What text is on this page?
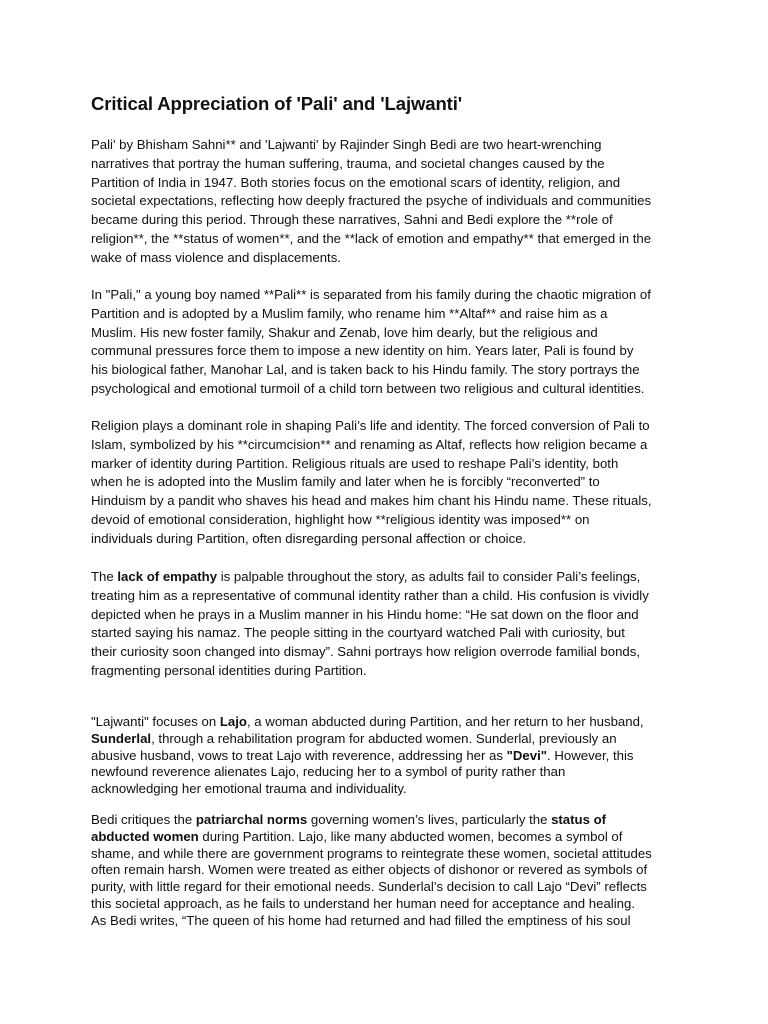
Critical Appreciation of 'Pali' and 'Lajwanti'
Pali' by Bhisham Sahni** and 'Lajwanti' by Rajinder Singh Bedi are two heart-wrenching
narratives that portray the human suffering, trauma, and societal changes caused by the
Partition of India in 1947. Both stories focus on the emotional scars of identity, religion, and
societal expectations, reflecting how deeply fractured the psyche of individuals and communities
became during this period. Through these narratives, Sahni and Bedi explore the **role of
religion**, the **status of women**, and the **lack of emotion and empathy** that emerged in the
wake of mass violence and displacements.
In "Pali," a young boy named **Pali** is separated from his family during the chaotic migration of
Partition and is adopted by a Muslim family, who rename him **Altaf** and raise him as a
Muslim. His new foster family, Shakur and Zenab, love him dearly, but the religious and
communal pressures force them to impose a new identity on him. Years later, Pali is found by
his biological father, Manohar Lal, and is taken back to his Hindu family. The story portrays the
psychological and emotional turmoil of a child torn between two religious and cultural identities.
Religion plays a dominant role in shaping Pali’s life and identity. The forced conversion of Pali to
Islam, symbolized by his **circumcision** and renaming as Altaf, reflects how religion became a
marker of identity during Partition. Religious rituals are used to reshape Pali’s identity, both
when he is adopted into the Muslim family and later when he is forcibly “reconverted” to
Hinduism by a pandit who shaves his head and makes him chant his Hindu name. These rituals,
devoid of emotional consideration, highlight how **religious identity was imposed** on
individuals during Partition, often disregarding personal affection or choice.
The lack of empathy is palpable throughout the story, as adults fail to consider Pali’s feelings,
treating him as a representative of communal identity rather than a child. His confusion is vividly
depicted when he prays in a Muslim manner in his Hindu home: “He sat down on the floor and
started saying his namaz. The people sitting in the courtyard watched Pali with curiosity, but
their curiosity soon changed into dismay”. Sahni portrays how religion overrode familial bonds,
fragmenting personal identities during Partition.
"Lajwanti" focuses on Lajo, a woman abducted during Partition, and her return to her husband,
Sunderlal, through a rehabilitation program for abducted women. Sunderlal, previously an
abusive husband, vows to treat Lajo with reverence, addressing her as "Devi". However, this
newfound reverence alienates Lajo, reducing her to a symbol of purity rather than
acknowledging her emotional trauma and individuality.
Bedi critiques the patriarchal norms governing women’s lives, particularly the status of
abducted women during Partition. Lajo, like many abducted women, becomes a symbol of
shame, and while there are government programs to reintegrate these women, societal attitudes
often remain harsh. Women were treated as either objects of dishonor or revered as symbols of
purity, with little regard for their emotional needs. Sunderlal’s decision to call Lajo “Devi” reflects
this societal approach, as he fails to understand her human need for acceptance and healing.
As Bedi writes, “The queen of his home had returned and had filled the emptiness of his soul
